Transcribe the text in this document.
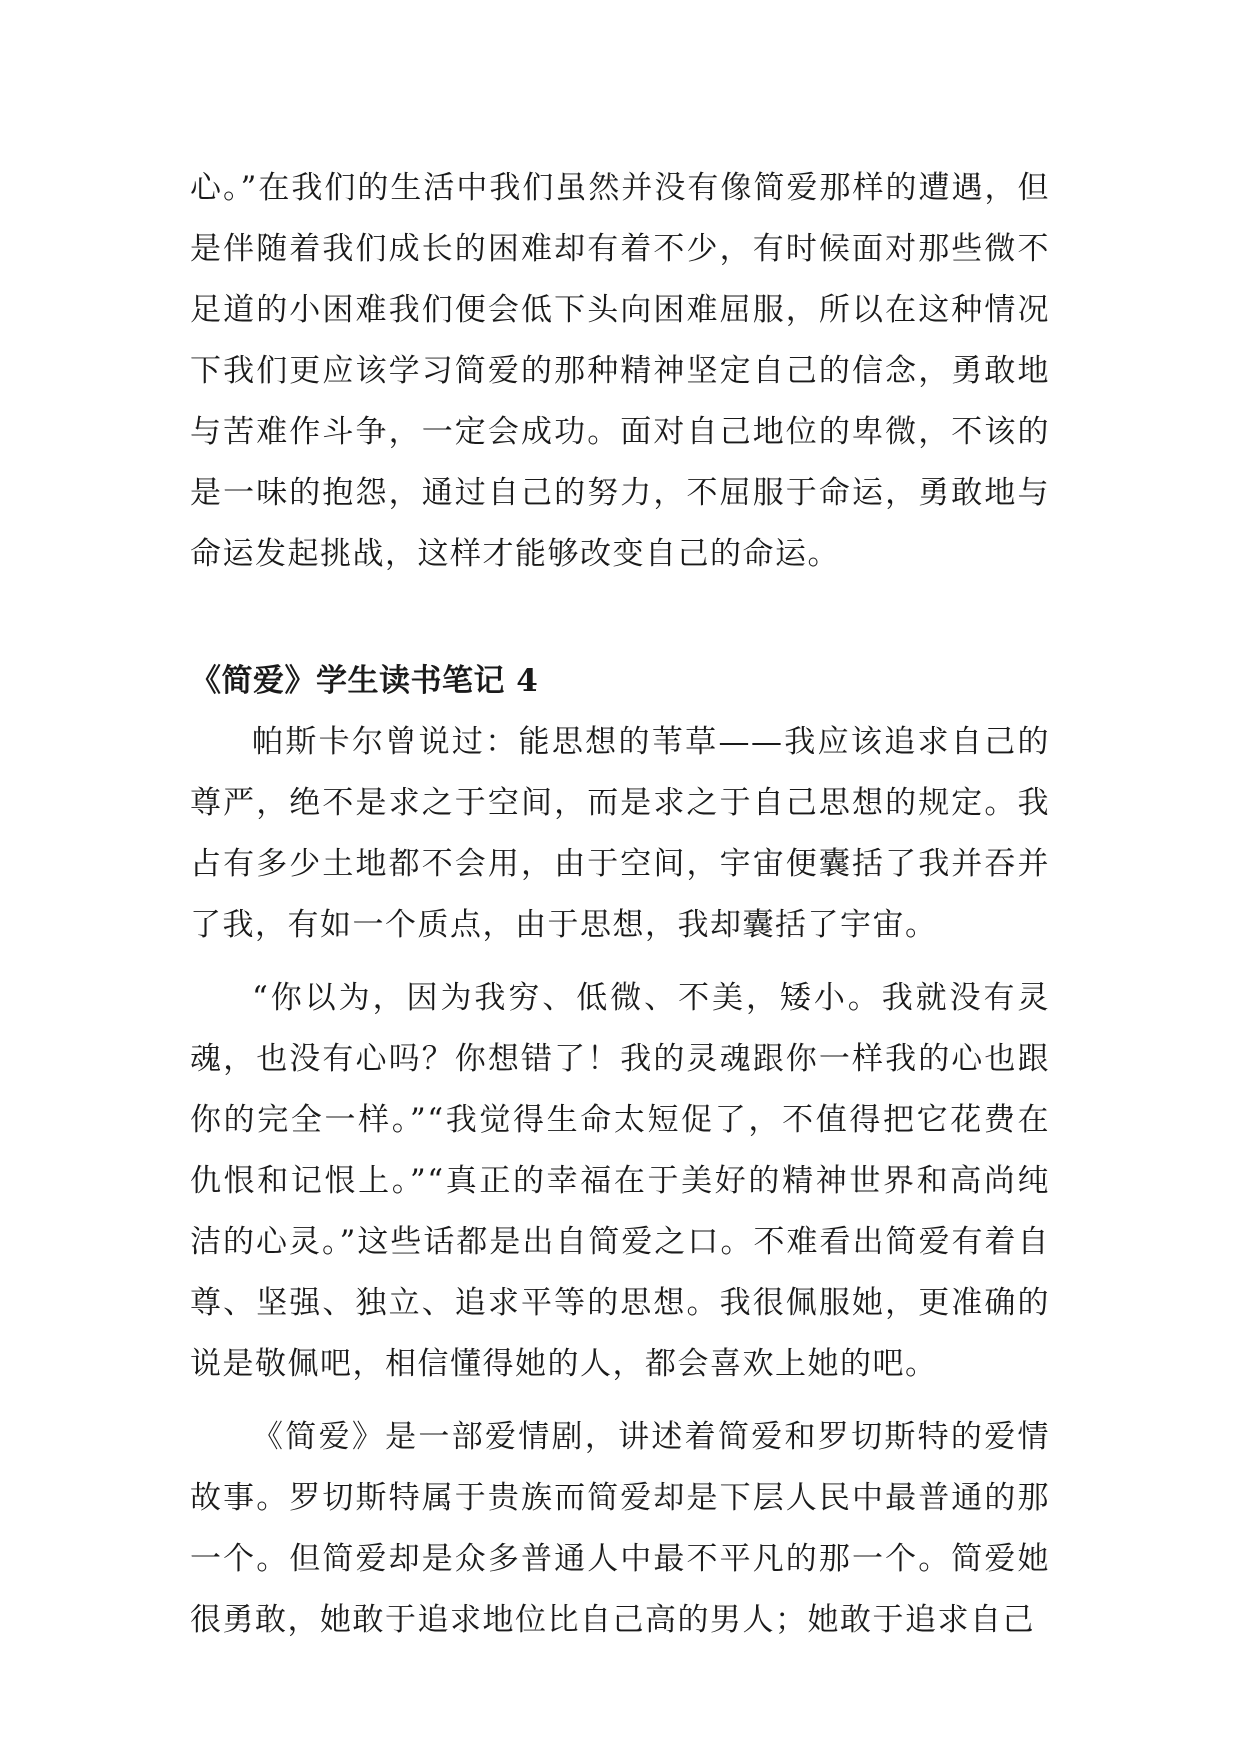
心。”在我们的生活中我们虽然并没有像简爱那样的遭遇，但是伴随着我们成长的困难却有着不少，有时候面对那些微不足道的小困难我们便会低下头向困难屈服，所以在这种情况下我们更应该学习简爱的那种精神坚定自己的信念，勇敢地与苦难作斗争，一定会成功。面对自己地位的卑微，不该的是一味的抱怨，通过自己的努力，不屈服于命运，勇敢地与命运发起挑战，这样才能够改变自己的命运。

《简爱》学生读书笔记 4

帕斯卡尔曾说过：能思想的苇草——我应该追求自己的尊严，绝不是求之于空间，而是求之于自己思想的规定。我占有多少土地都不会用，由于空间，宇宙便囊括了我并吞并了我，有如一个质点，由于思想，我却囊括了宇宙。

“你以为，因为我穷、低微、不美，矮小。我就没有灵魂，也没有心吗？你想错了！我的灵魂跟你一样我的心也跟你的完全一样。”“我觉得生命太短促了，不值得把它花费在仇恨和记恨上。”“真正的幸福在于美好的精神世界和高尚纯洁的心灵。”这些话都是出自简爱之口。不难看出简爱有着自尊、坚强、独立、追求平等的思想。我很佩服她，更准确的说是敬佩吧，相信懂得她的人，都会喜欢上她的吧。

《简爱》是一部爱情剧，讲述着简爱和罗切斯特的爱情故事。罗切斯特属于贵族而简爱却是下层人民中最普通的那一个。但简爱却是众多普通人中最不平凡的那一个。简爱她很勇敢，她敢于追求地位比自己高的男人；她敢于追求自己
